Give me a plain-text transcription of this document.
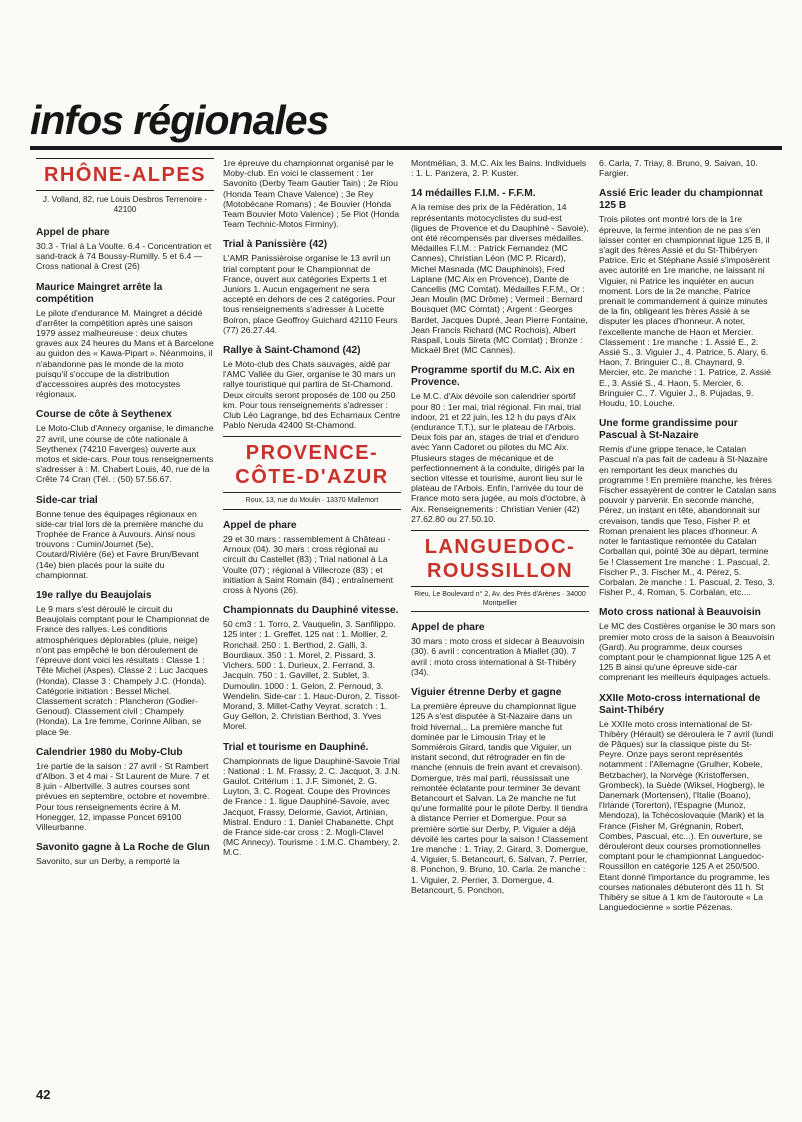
infos régionales
RHÔNE-ALPES
J. Volland, 82, rue Louis Desbros Terrenoire - 42100
Appel de phare

30.3 - Trial à La Voulte. 6.4 - Concentration et sand-track à 74 Boussy-Rumilly. 5 et 6.4 — Cross national à Crest (26)

Maurice Maingret arrête la compétition

Le pilote d'endurance M. Maingret a décidé d'arrêter la compétition après une saison 1979 assez malheureuse : deux chutes graves aux 24 heures du Mans et à Barcelone au guidon des « Kawa-Pipart ». Néanmoins, il n'abandonne pas le monde de la moto puisqu'il s'occupe de la distribution d'accessoires auprès des motocystes régionaux.

Course de côte à Seythenex

Le Moto-Club d'Annecy organise, le dimanche 27 avril, une course de côte nationale à Seythenex (74210 Faverges) ouverte aux motos et side-cars. Pour tous renseignements s'adresser à : M. Chabert Louis, 40, rue de la Crête 74 Cran (Tél. : (50) 57.56.67.

Side-car trial

Bonne tenue des équipages régionaux en side-car trial lors de la première manche du Trophée de France à Auvours. Ainsi nous trouvons : Cumin/Journet (5e), Coutard/Rivière (6e) et Favre Brun/Bevant (14e) bien placés pour la suite du championnat.

19e rallye du Beaujolais

Le 9 mars s'est déroulé le circuit du Beaujolais comptant pour le Championnat de France des rallyes. Les conditions atmosphériques déplorables (pluie, neige) n'ont pas empêché le bon déroulement de l'épreuve dont voici les résultats : Classe 1 : Tête Michel (Aspes). Classe 2 : Luc Jacques (Honda). Classe 3 : Champely J.C. (Honda). Catégorie initiation : Bessel Michel. Classement scratch : Plancheron (Godier-Genoud). Classement civil : Champely (Honda). La 1re femme, Corinne Aliban, se place 9e.

Calendrier 1980 du Moby-Club

1re partie de la saison : 27 avril - St Rambert d'Albon. 3 et 4 mai - St Laurent de Mure. 7 et 8 juin - Albertville. 3 autres courses sont prévues en septembre, octobre et novembre. Pour tous renseignements écrire à M. Honegger, 12, impasse Poncet 69100 Villeurbanne.

Savonito gagne à La Roche de Glun

Savonito, sur un Derby, a remporté la

1re épreuve du championnat organisé par le Moby-club. En voici le classement : 1er Savonito (Derby Team Gautier Tain) ; 2e Riou (Honda Team Chave Valence) ; 3e Rey (Motobécane Romans) ; 4e Bouvier (Honda Team Bouvier Moto Valence) ; 5e Piot (Honda Team Technic-Motos Firminy).

Trial à Panissière (42)

L'AMR Panissièroise organise le 13 avril un trial comptant pour le Championnat de France, ouvert aux catégories Experts 1 et Juniors 1. Aucun engagement ne sera accepté en dehors de ces 2 catégories. Pour tous renseignements s'adresser à Lucette Boiron, place Geoffroy Guichard 42110 Feurs (77) 26.27.44.

Rallye à Saint-Chamond (42)

Le Moto-club des Chats sauvages, aidé par l'AMC Vallée du Gier, organise le 30 mars un rallye touristique qui partira de St-Chamond. Deux circuits seront proposés de 100 ou 250 km. Pour tous renseignements s'adresser : Club Léo Lagrange, bd des Echarnaux Centre Pablo Neruda 42400 St-Chamond.

PROVENCE-
CÔTE-D'AZUR
Roux, 13, rue du Moulin · 13370 Mallemort
Appel de phare

29 et 30 mars : rassemblement à Château - Arnoux (04). 30 mars : cross régional au circuit du Castellet (83) ; Trial national à La Voulte (07) ; régional à Villecroze (83) ; et initiation à Saint Romain (84) ; entraînement cross à Nyons (26).

Championnats du Dauphiné vitesse.

50 cm3 : 1. Torro, 2. Vauquelin, 3. Sanfilippo. 125 inter : 1. Greffet. 125 nat : 1. Mollier, 2. Ronchail. 250 : 1. Berthod, 2. Galli, 3. Bourdiaux. 350 : 1. Morel, 2. Pissard, 3. Vichers. 500 : 1. Durieux, 2. Ferrand, 3. Jacquin. 750 : 1. Gavillet, 2. Sublet, 3. Dumoulin. 1000 : 1. Gelon, 2. Pernoud, 3. Wendelin. Side-car : 1. Hauc-Duron, 2. Tissot-Morand, 3. Millet-Cathy Veyrat. scratch : 1. Guy Gellon, 2. Christian Berthod, 3. Yves Morel.

Trial et tourisme en Dauphiné.

Championnats de ligue Dauphiné-Savoie Trial : National : 1. M. Frassy, 2. C. Jacquot, 3. J.N. Gaulot. Critérium : 1. J.F. Simonet, 2. G. Luyton, 3. C. Rogeat. Coupe des Provinces de France : 1. ligue Dauphiné-Savoie, avec Jacquot, Frassy, Delorme, Gaviot, Artinian, Mistral. Enduro : 1. Daniel Chabanette. Chpt de France side-car cross : 2. Mogli-Clavel (MC Annecy). Tourisme : 1.M.C. Chambery, 2. M.C.

Montmélian, 3. M.C. Aix les Bains. Individuels : 1. L. Panzera, 2. P. Kuster.

14 médailles F.I.M. - F.F.M.

A la remise des prix de la Fédération, 14 représentants motocyclistes du sud-est (ligues de Provence et du Dauphiné - Savoie), ont été récompensés par diverses médailles. Médailles F.I.M. : Patrick Fernandez (MC Cannes), Christian Léon (MC P. Ricard), Michel Masnada (MC Dauphinois), Fred Laplane (MC Aix en Provence), Dante de Cancellis (MC Comtat). Médailles F.F.M., Or : Jean Moulin (MC Drôme) ; Vermeil : Bernard Bousquet (MC Comtat) ; Argent : Georges Bardet, Jacques Dupré, Jean Pierre Fontaine, Jean Francis Richard (MC Rochois), Albert Raspail, Louis Sireta (MC Comtat) ; Bronze : Mickaël Bret (MC Cannes).

Programme sportif du M.C. Aix en Provence.

Le M.C. d'Aix dévoile son calendrier sportif pour 80 : 1er mai, trial régional. Fin mai, trial indoor, 21 et 22 juin, les 12 h du pays d'Aix (endurance T.T.), sur le plateau de l'Arbois. Deux fois par an, stages de trial et d'enduro avec Yann Cadoret ou pilotes du MC Aix. Plusieurs stages de mécanique et de perfectionnement à la conduite, dirigés par la section vitesse et tourisme, auront lieu sur le plateau de l'Arbois. Enfin, l'arrivée du tour de France moto sera jugée, au mois d'octobre, à Aix. Renseignements : Christian Venier (42) 27.62.80 ou 27.50.10.

LANGUEDOC-
ROUSSILLON
Rieu, Le Boulevard n° 2, Av. des Prés d'Arènes · 34000 Montpellier
Appel de phare

30 mars : moto cross et sidecar à Beauvoisin (30). 6 avril : concentration à Miallet (30). 7 avril : moto cross international à St-Thibéry (34).

Viguier étrenne Derby et gagne

La première épreuve du championnat ligue 125 A s'est disputée à St-Nazaire dans un froid hivernal... La première manche fut dominée par le Limousin Triay et le Sommiérois Girard, tandis que Viguier, un instant second, dut rétrograder en fin de manche (ennuis de frein avant et crevaison). Domergue, très mal parti, réussissait une remontée éclatante pour terminer 3e devant Betancourt et Salvan. La 2e manche ne fut qu'une formalité pour le pilote Derby. Il tiendra à distance Perrier et Domergue. Pour sa première sortie sur Derby, P. Viguier a déjà dévoilé les cartes pour la saison ! Classement 1re manche : 1. Triay, 2. Girard, 3. Domergue, 4. Viguier, 5. Betancourt, 6. Salvan, 7. Perrier, 8. Ponchon, 9. Bruno, 10. Carla. 2e manche : 1. Viguier, 2. Perrier, 3. Domergue, 4. Betancourt, 5. Ponchon,

6. Carla, 7. Triay, 8. Bruno, 9. Saivan, 10. Fargier.

Assié Eric leader du championnat 125 B

Trois pilotes ont montré lors de la 1re épreuve, la ferme intention de ne pas s'en laisser conter en championnat ligue 125 B, il s'agit des frères Assié et du St-Thibéryen Patrice. Eric et Stéphane Assié s'imposèrent avec autorité en 1re manche, ne laissant ni Viguier, ni Patrice les inquiéter en aucun moment. Lors de la 2e manche, Patrice prenait le commandement à quinze minutes de la fin, obligeant les frères Assié à se disputer les places d'honneur. A noter, l'excellente manche de Haon et Mercier. Classement : 1re manche : 1. Assié E., 2. Assié S., 3. Viguier J., 4. Patrice, 5. Alary, 6. Haon, 7. Bringuier C., 8. Chaynard, 9. Mercier, etc. 2e manche : 1. Patrice, 2. Assié E., 3. Assié S., 4. Haon, 5. Mercier, 6. Bringuier C., 7. Viguier J., 8. Pujadas, 9. Houdu, 10. Louche.

Une forme grandissime pour Pascual à St-Nazaire

Remis d'une grippe tenace, le Catalan Pascual n'a pas fait de cadeau à St-Nazaire en remportant les deux manches du programme ! En première manche, les frères Fischer essayèrent de contrer le Catalan sans pouvoir y parvenir. En seconde manche, Pérez, un instant en tête, abandonnait sur crevaison, tandis que Teso, Fisher P. et Roman prenaient les places d'honneur. A noter le fantastique remontée du Catalan Corballan qui, pointé 30e au départ, termine 5e ! Classement 1re manche : 1. Pascual, 2. Fischer P., 3. Fischer M., 4. Pérez, 5. Corbalan. 2e manche : 1. Pascual, 2. Teso, 3. Fisher P., 4. Roman, 5. Corbalan, etc....

Moto cross national à Beauvoisin

Le MC des Costières organise le 30 mars son premier moto cross de la saison à Beauvoisin (Gard). Au programme, deux courses comptant pour le championnat ligue 125 A et 125 B ainsi qu'une épreuve side-car comprenant les meilleurs équipages actuels.

XXIIe Moto-cross international de Saint-Thibéry

Le XXIIe moto cross international de St-Thibéry (Hérault) se déroulera le 7 avril (lundi de Pâques) sur la classique piste du St-Peyre. Onze pays seront représentés notamment : l'Allemagne (Grulher, Kobele, Betzbacher), la Norvège (Kristoffersen, Grombeck), la Suède (Wiksel, Hogberg), le Danemark (Mortensen), l'Italie (Boano), l'Irlande (Torerton), l'Espagne (Munoz, Mendoza), la Tchécoslovaquie (Marik) et la France (Fisher M, Grégnanin, Robert, Combes, Pascual, etc...). En ouverture, se dérouleront deux courses promotionnelles comptant pour le championnat Languedoc-Roussillon en catégorie 125 A et 250/500. Etant donné l'importance du programme, les courses nationales débuteront dès 11 h. St Thibéry se situe à 1 km de l'autoroute « La Languedocienne » sortie Pézenas.

42
